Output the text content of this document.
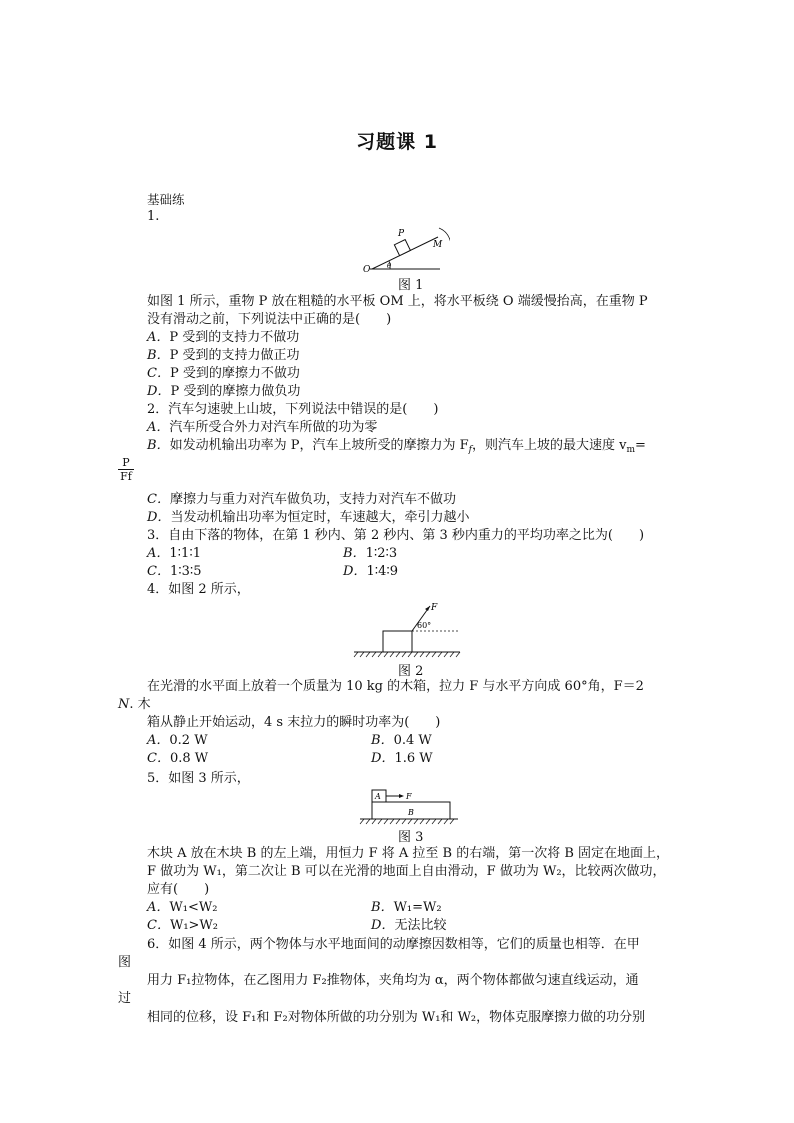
习题课 1
基础练
1.
P
M
O θ
图 1
如图 1 所示，重物 P 放在粗糙的水平板 OM 上，将水平板绕 O 端缓慢抬高，在重物 P
没有滑动之前，下列说法中正确的是(　　)
A．P 受到的支持力不做功
B．P 受到的支持力做正功
C．P 受到的摩擦力不做功
D．P 受到的摩擦力做负功
2．汽车匀速驶上山坡，下列说法中错误的是(　　)
A．汽车所受合外力对汽车所做的功为零
B．如发动机输出功率为 P，汽车上坡所受的摩擦力为 $F_f$，则汽车上坡的最大速度 $v_m=$
$\frac{P}{Ff}$
C．摩擦力与重力对汽车做负功，支持力对汽车不做功
D．当发动机输出功率为恒定时，车速越大，牵引力越小
3．自由下落的物体，在第 1 秒内、第 2 秒内、第 3 秒内重力的平均功率之比为(　　)
A．1∶1∶1	B．1∶2∶3
C．1∶3∶5	D．1∶4∶9
4．如图 2 所示，
F
60°
图 2
在光滑的水平面上放着一个质量为 10 kg 的木箱，拉力 F 与水平方向成 60°角，F＝2
N. 木
箱从静止开始运动，4 s 末拉力的瞬时功率为(　　)
A．0.2 W	B．0.4 W
C．0.8 W	D．1.6 W
5．如图 3 所示，
A	F
B
图 3
木块 A 放在木块 B 的左上端，用恒力 F 将 A 拉至 B 的右端，第一次将 B 固定在地面上，
F 做功为 W₁，第二次让 B 可以在光滑的地面上自由滑动，F 做功为 W₂，比较两次做功，
应有(　　)
A．W₁<W₂	B．W₁=W₂
C．W₁>W₂	D．无法比较
6．如图 4 所示，两个物体与水平地面间的动摩擦因数相等，它们的质量也相等．在甲
图
用力 F₁拉物体，在乙图用力 F₂推物体，夹角均为 α，两个物体都做匀速直线运动，通
过
相同的位移，设 F₁和 F₂对物体所做的功分别为 W₁和 W₂，物体克服摩擦力做的功分别
